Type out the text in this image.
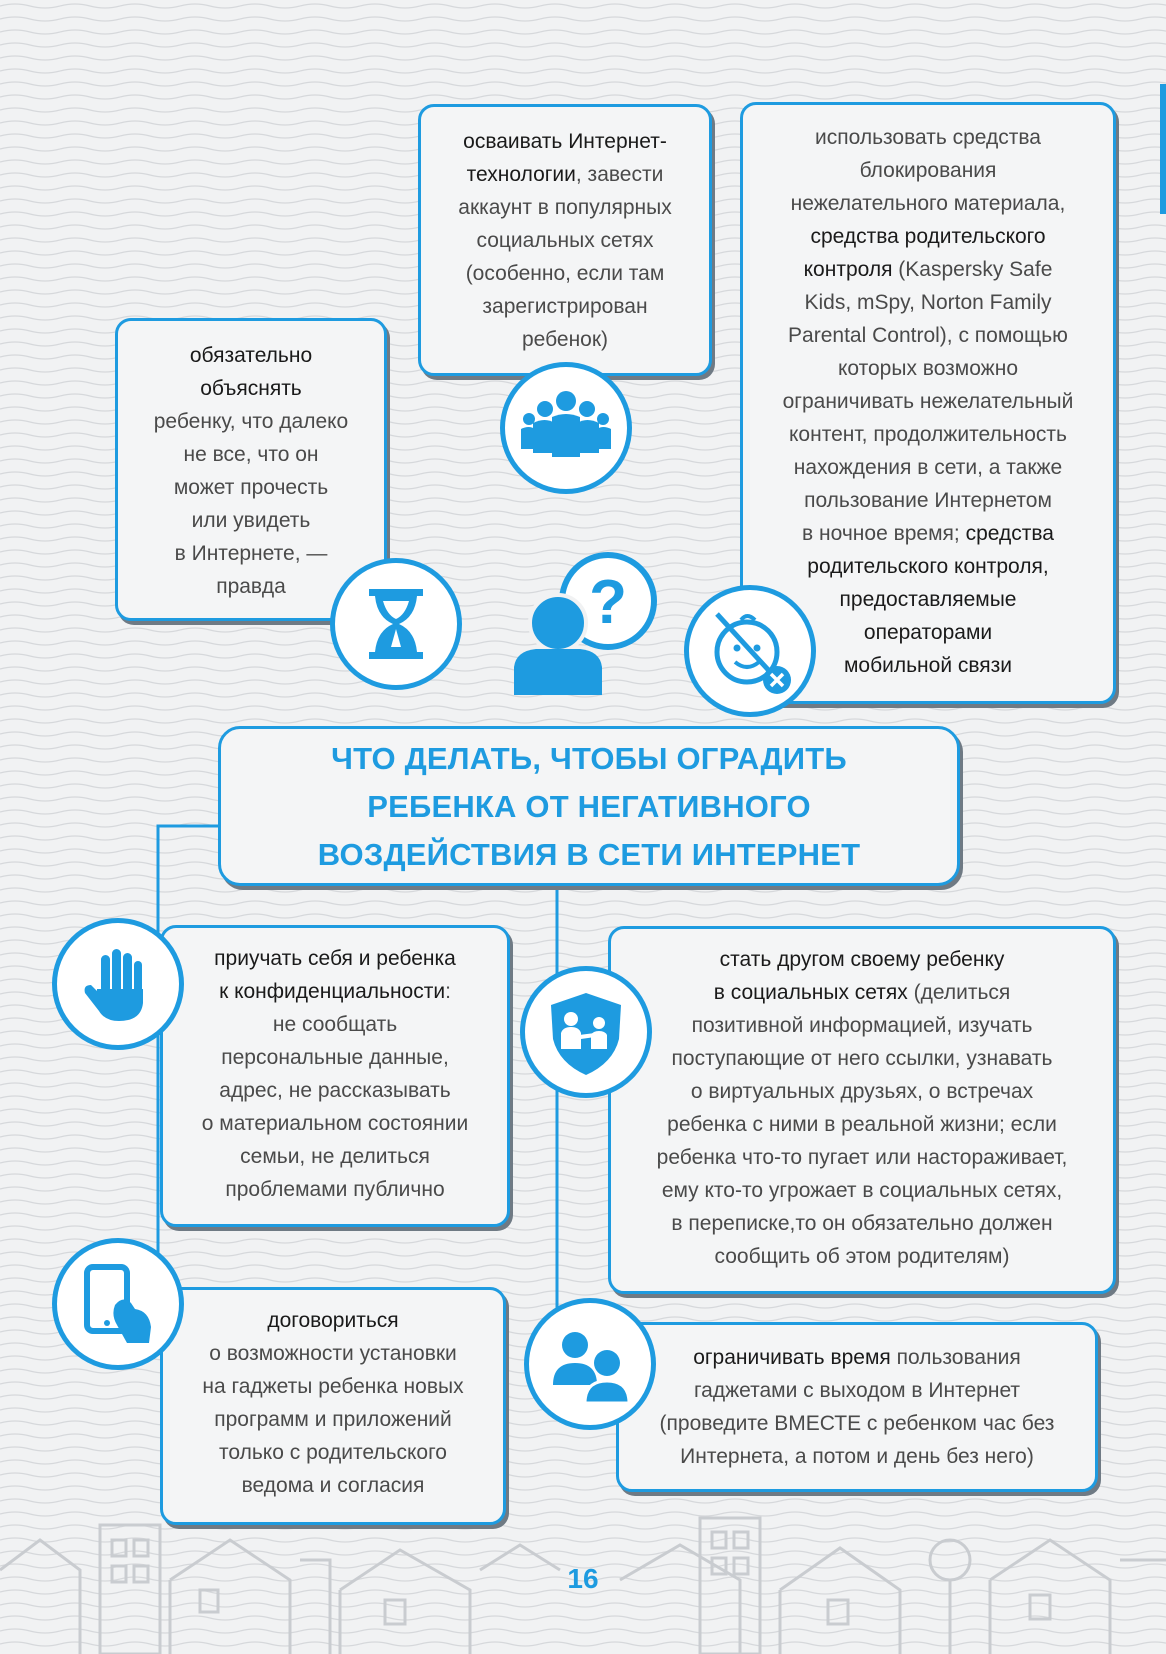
обязательно
объяснять
ребенку, что далеко
не все, что он
может прочесть
или увидеть
в Интернете, —
правда
осваивать Интернет-
технологии, завести
аккаунт в популярных
социальных сетях
(особенно, если там
зарегистрирован
ребенок)
использовать средства
блокирования
нежелательного материала,
средства родительского
контроля (Kaspersky Safe
Kids, mSpy, Norton Family
Parental Control), с помощью
которых возможно
ограничивать нежелательный
контент, продолжительность
нахождения в сети, а также
пользование Интернетом
в ночное время; средства
родительского контроля,
предоставляемые
операторами
мобильной связи
ЧТО ДЕЛАТЬ, ЧТОБЫ ОГРАДИТЬ
РЕБЕНКА ОТ НЕГАТИВНОГО
ВОЗДЕЙСТВИЯ В СЕТИ ИНТЕРНЕТ
приучать себя и ребенка
к конфиденциальности:
не сообщать
персональные данные,
адрес, не рассказывать
о материальном состоянии
семьи, не делиться
проблемами публично
стать другом своему ребенку
в социальных сетях (делиться
позитивной информацией, изучать
поступающие от него ссылки, узнавать
о виртуальных друзьях, о встречах
ребенка с ними в реальной жизни; если
ребенка что-то пугает или настораживает,
ему кто-то угрожает в социальных сетях,
в переписке,то он обязательно должен
сообщить об этом родителям)
договориться
о возможности установки
на гаджеты ребенка новых
программ и приложений
только с родительского
ведома и согласия
ограничивать время пользования
гаджетами с выходом в Интернет
(проведите ВМЕСТЕ с ребенком час без
Интернета, а потом и день без него)
?
16
